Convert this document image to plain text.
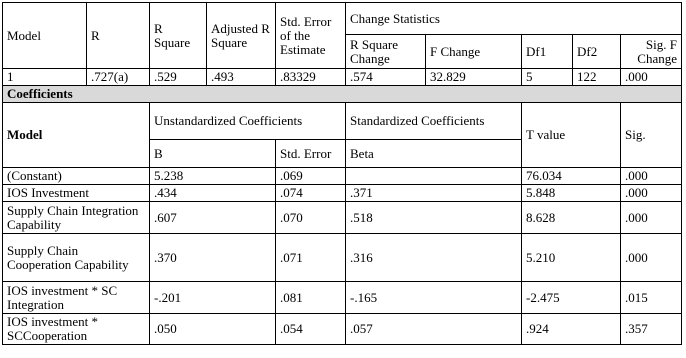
Model	R	R Square	Adjusted R Square	Std. Error of the Estimate	Change Statistics				
					R Square Change	F Change	Df1	Df2	Sig. F Change
1	.727(a)	.529	.493	.83329	.574	32.829	5	122	.000
Coefficients									
Model		Unstandardized Coefficients			Standardized Coefficients		T value		Sig.
		B		Std. Error	Beta				
(Constant)		5.238		.069			76.034		.000
IOS Investment		.434		.074	.371		5.848		.000
Supply Chain Integration Capability		.607		.070	.518		8.628		.000
Supply Chain Cooperation Capability		.370		.071	.316		5.210		.000
IOS investment * SC Integration		-.201		.081	-.165		-2.475		.015
IOS investment * SCCooperation		.050		.054	.057		.924		.357
